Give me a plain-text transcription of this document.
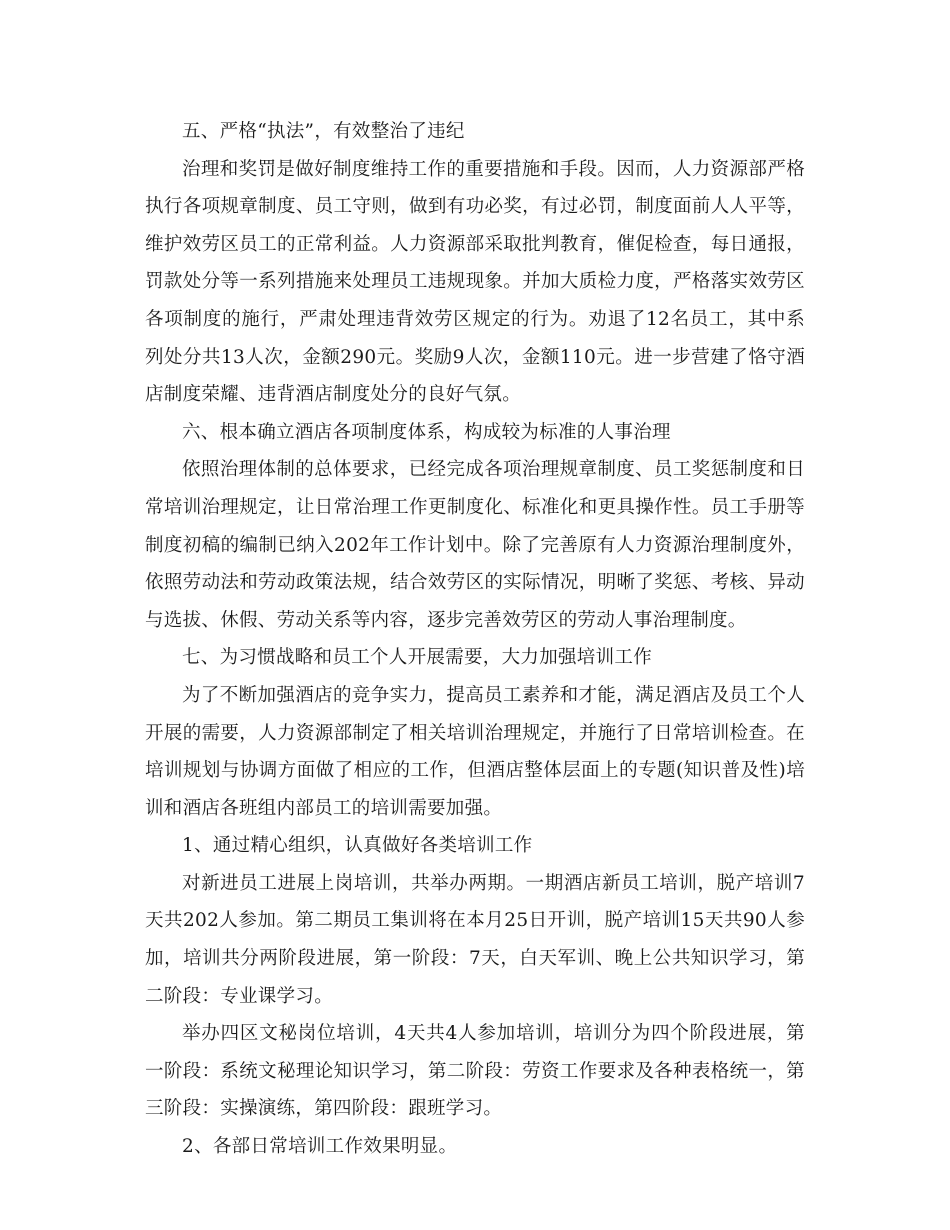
五、严格“执法”，有效整治了违纪

治理和奖罚是做好制度维持工作的重要措施和手段。因而，人力资源部严格执行各项规章制度、员工守则，做到有功必奖，有过必罚，制度面前人人平等，维护效劳区员工的正常利益。人力资源部采取批判教育，催促检查，每日通报，罚款处分等一系列措施来处理员工违规现象。并加大质检力度，严格落实效劳区各项制度的施行，严肃处理违背效劳区规定的行为。劝退了12名员工，其中系列处分共13人次，金额290元。奖励9人次，金额110元。进一步营建了恪守酒店制度荣耀、违背酒店制度处分的良好气氛。

六、根本确立酒店各项制度体系，构成较为标准的人事治理

依照治理体制的总体要求，已经完成各项治理规章制度、员工奖惩制度和日常培训治理规定，让日常治理工作更制度化、标准化和更具操作性。员工手册等制度初稿的编制已纳入202年工作计划中。除了完善原有人力资源治理制度外，依照劳动法和劳动政策法规，结合效劳区的实际情况，明晰了奖惩、考核、异动与选拔、休假、劳动关系等内容，逐步完善效劳区的劳动人事治理制度。

七、为习惯战略和员工个人开展需要，大力加强培训工作

为了不断加强酒店的竞争实力，提高员工素养和才能，满足酒店及员工个人开展的需要，人力资源部制定了相关培训治理规定，并施行了日常培训检查。在培训规划与协调方面做了相应的工作，但酒店整体层面上的专题(知识普及性)培训和酒店各班组内部员工的培训需要加强。

1、通过精心组织，认真做好各类培训工作

对新进员工进展上岗培训，共举办两期。一期酒店新员工培训，脱产培训7天共202人参加。第二期员工集训将在本月25日开训，脱产培训15天共90人参加，培训共分两阶段进展，第一阶段：7天，白天军训、晚上公共知识学习，第二阶段：专业课学习。

举办四区文秘岗位培训，4天共4人参加培训，培训分为四个阶段进展，第一阶段：系统文秘理论知识学习，第二阶段：劳资工作要求及各种表格统一，第三阶段：实操演练，第四阶段：跟班学习。

2、各部日常培训工作效果明显。
